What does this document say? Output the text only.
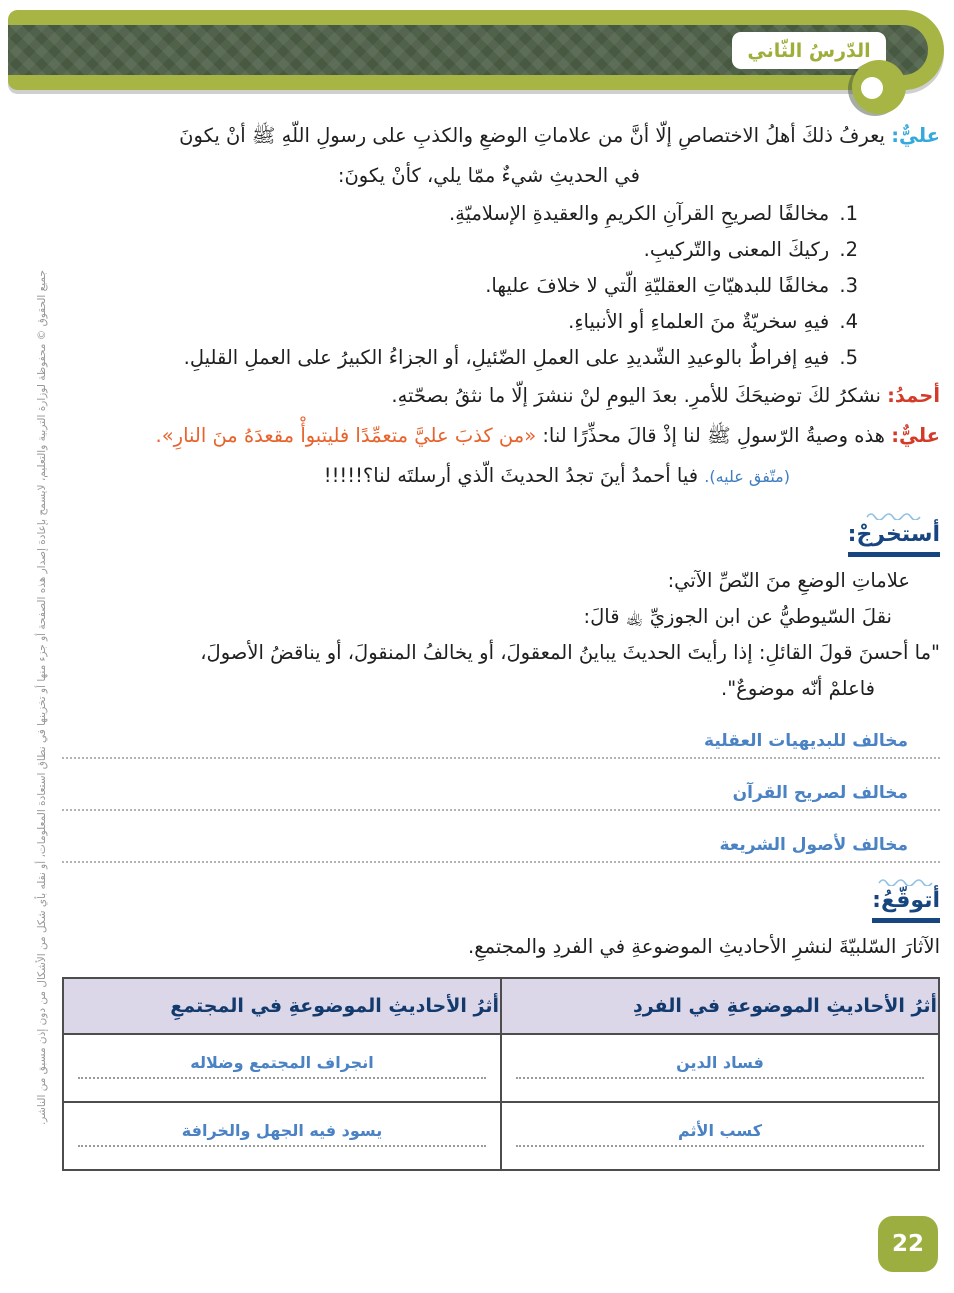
الدّرسُ الثّاني
جميع الحقوق © محفوظة لوزارة التربية والتعليم، لايسمح بإعادة إصدار هذه الصفحة أو جزء منها أو تخزينها في نطاق استعادة المعلومات، أو نقله بأي شكل من الأشكال من دون إذن مسبق من الناشر.
عليٌّ: يعرفُ ذلكَ أهلُ الاختصاصِ إلّا أنَّ من علاماتِ الوضعِ والكذبِ على رسولِ اللّهِ ﷺ أنْ يكونَ
في الحديثِ شيءٌ ممّا يلي، كأنْ يكونَ:
1. مخالفًا لصريحِ القرآنِ الكريمِ والعقيدةِ الإسلاميّةِ.
2. ركيكَ المعنى والتّركيبِ.
3. مخالفًا للبدهيّاتِ العقليّةِ الّتي لا خلافَ عليها.
4. فيهِ سخريّةٌ منَ العلماءِ أو الأنبياءِ.
5. فيهِ إفراطٌ بالوعيدِ الشّديدِ على العملِ الضّئيلِ، أو الجزاءُ الكبيرُ على العملِ القليلِ.
أحمدُ: نشكرُ لكَ توضيحَكَ للأمرِ. بعدَ اليومِ لنْ ننشرَ إلّا ما نثقُ بصحّتهِ.
عليٌّ: هذه وصيةُ الرّسولِ ﷺ لنا إذْ قالَ محذِّرًا لنا: «من كذبَ عليَّ متعمِّدًا فليتبوأْ مقعدَهُ منَ النارِ».
(متّفق عليه). فيا أحمدُ أينَ تجدُ الحديثَ الّذي أرسلتَه لنا؟!!!!!
أستخرجْ:
علاماتِ الوضعِ منَ النّصِّ الآتي:
نقلَ السّيوطيُّ عن ابن الجوزيِّ ﵀ قالَ:
"ما أحسنَ قولَ القائلِ: إذا رأيتَ الحديثَ يباينُ المعقولَ، أو يخالفُ المنقولَ، أو يناقضُ الأصولَ،
فاعلمْ أنّه موضوعٌ".
مخالف للبديهيات العقلية
مخالف لصريح القرآن
مخالف لأصول الشريعة
أتوقّعُ:
الآثارَ السّلبيّةَ لنشرِ الأحاديثِ الموضوعةِ في الفردِ والمجتمعِ.
أثرُ الأحاديثِ الموضوعةِ في الفردِ	أثرُ الأحاديثِ الموضوعةِ في المجتمعِ

فساد الدين	انجراف المجتمع وضلاله

كسب الأثم	يسود فيه الجهل والخرافة
22
